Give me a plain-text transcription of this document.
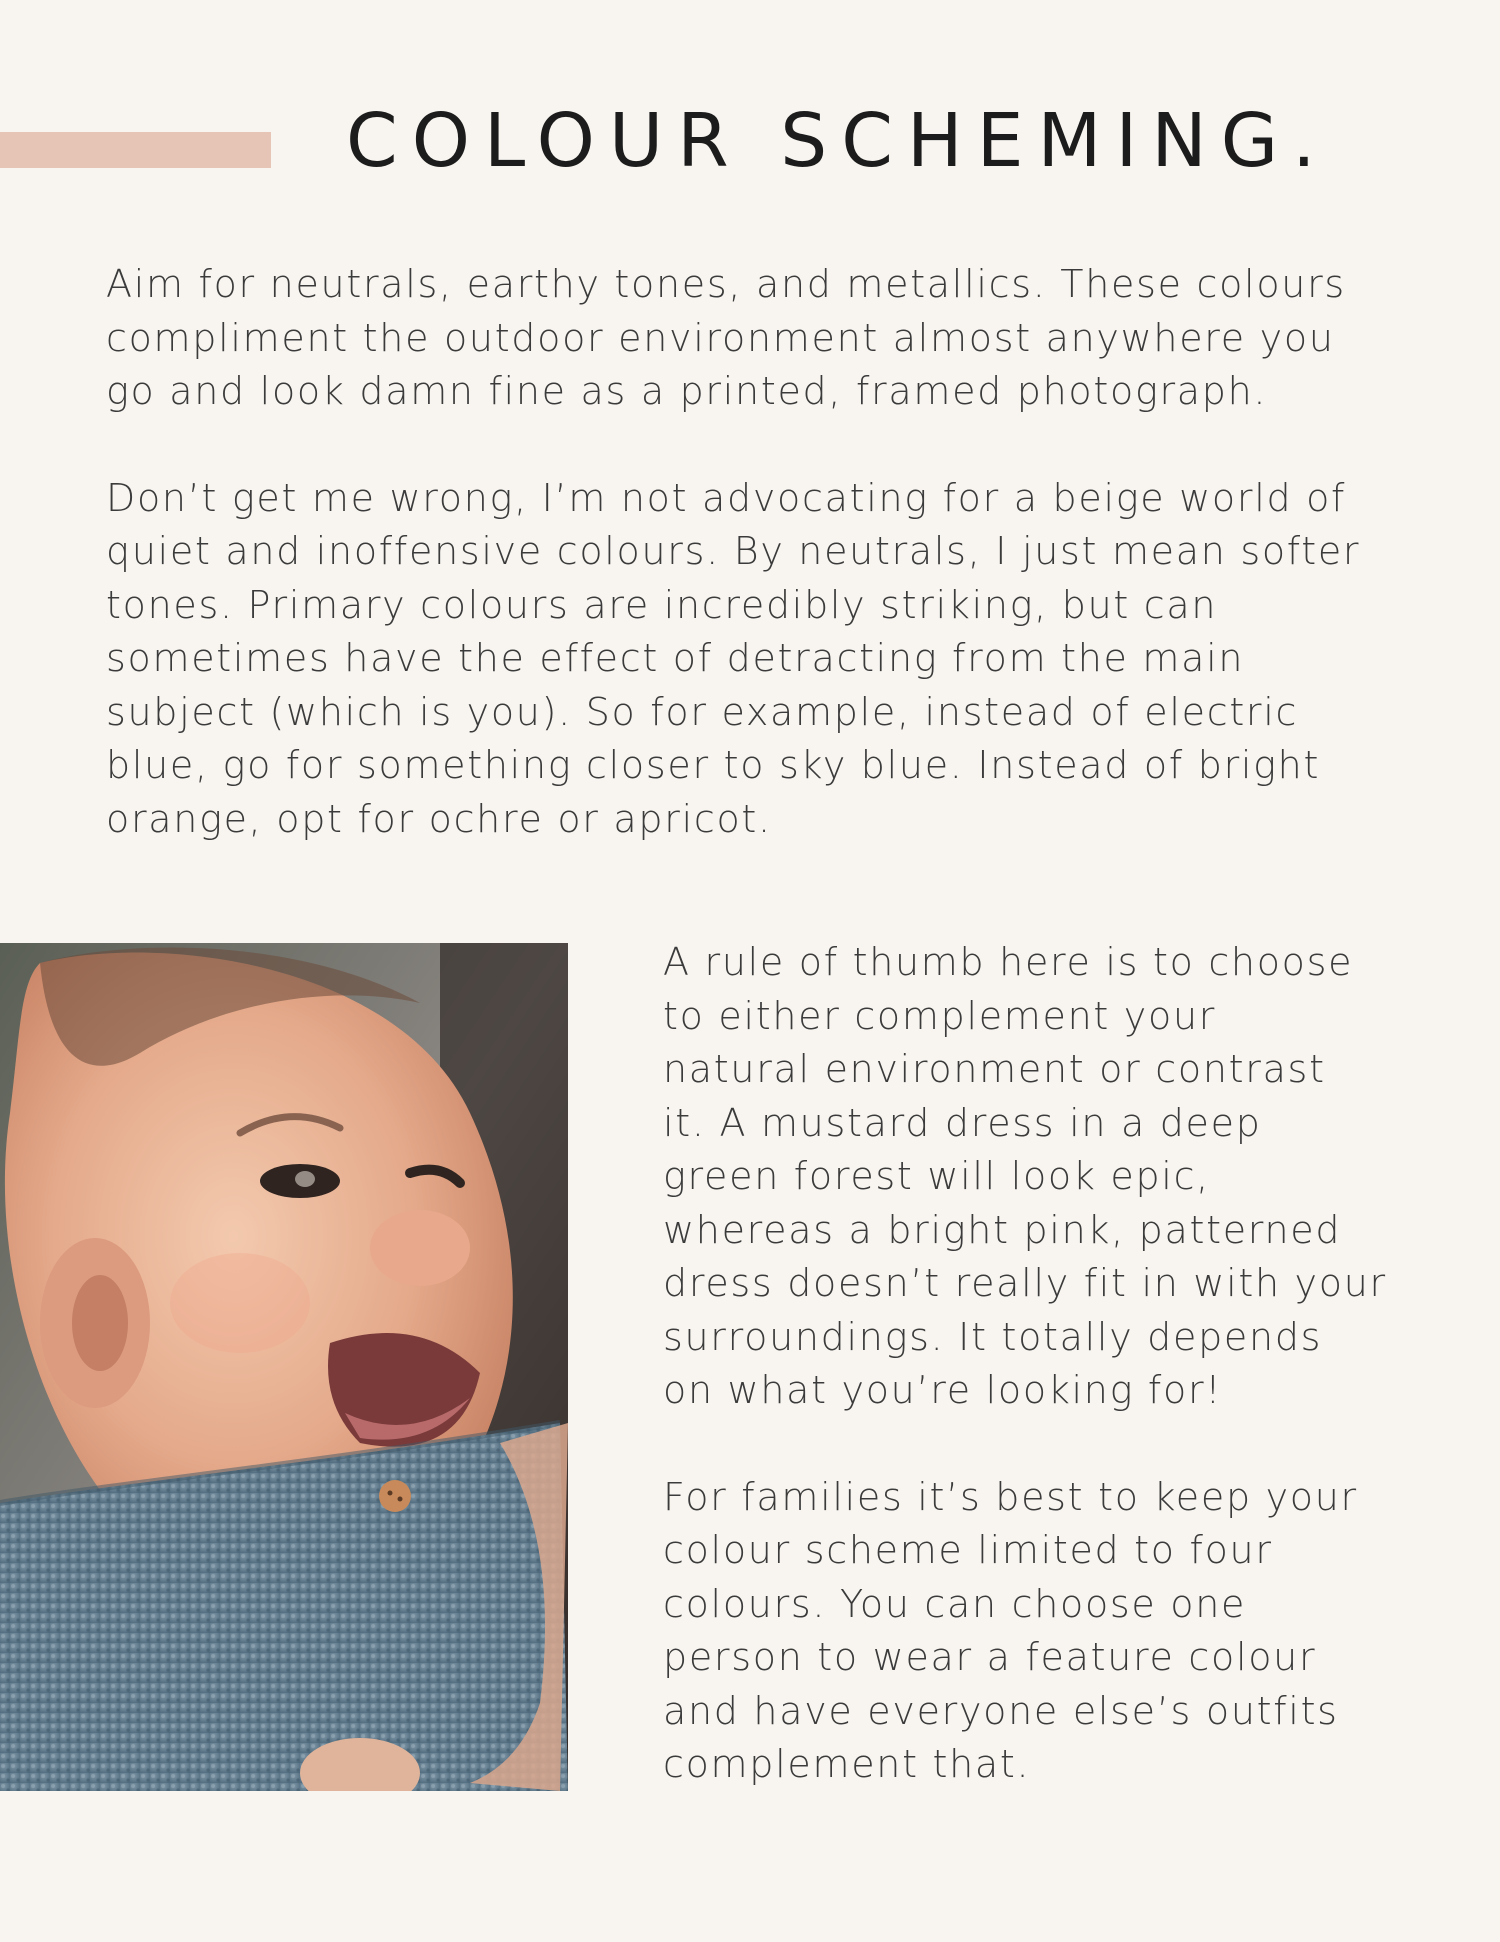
COLOUR SCHEMING.

Aim for neutrals, earthy tones, and metallics. These colours
compliment the outdoor environment almost anywhere you
go and look damn fine as a printed, framed photograph.

Don’t get me wrong, I’m not advocating for a beige world of
quiet and inoffensive colours. By neutrals, I just mean softer
tones. Primary colours are incredibly striking, but can
sometimes have the effect of detracting from the main
subject (which is you). So for example, instead of electric
blue, go for something closer to sky blue. Instead of bright
orange, opt for ochre or apricot.

A rule of thumb here is to choose
to either complement your
natural environment or contrast
it. A mustard dress in a deep
green forest will look epic,
whereas a bright pink, patterned
dress doesn’t really fit in with your
surroundings. It totally depends
on what you’re looking for!

For families it’s best to keep your
colour scheme limited to four
colours. You can choose one
person to wear a feature colour
and have everyone else’s outfits
complement that.
